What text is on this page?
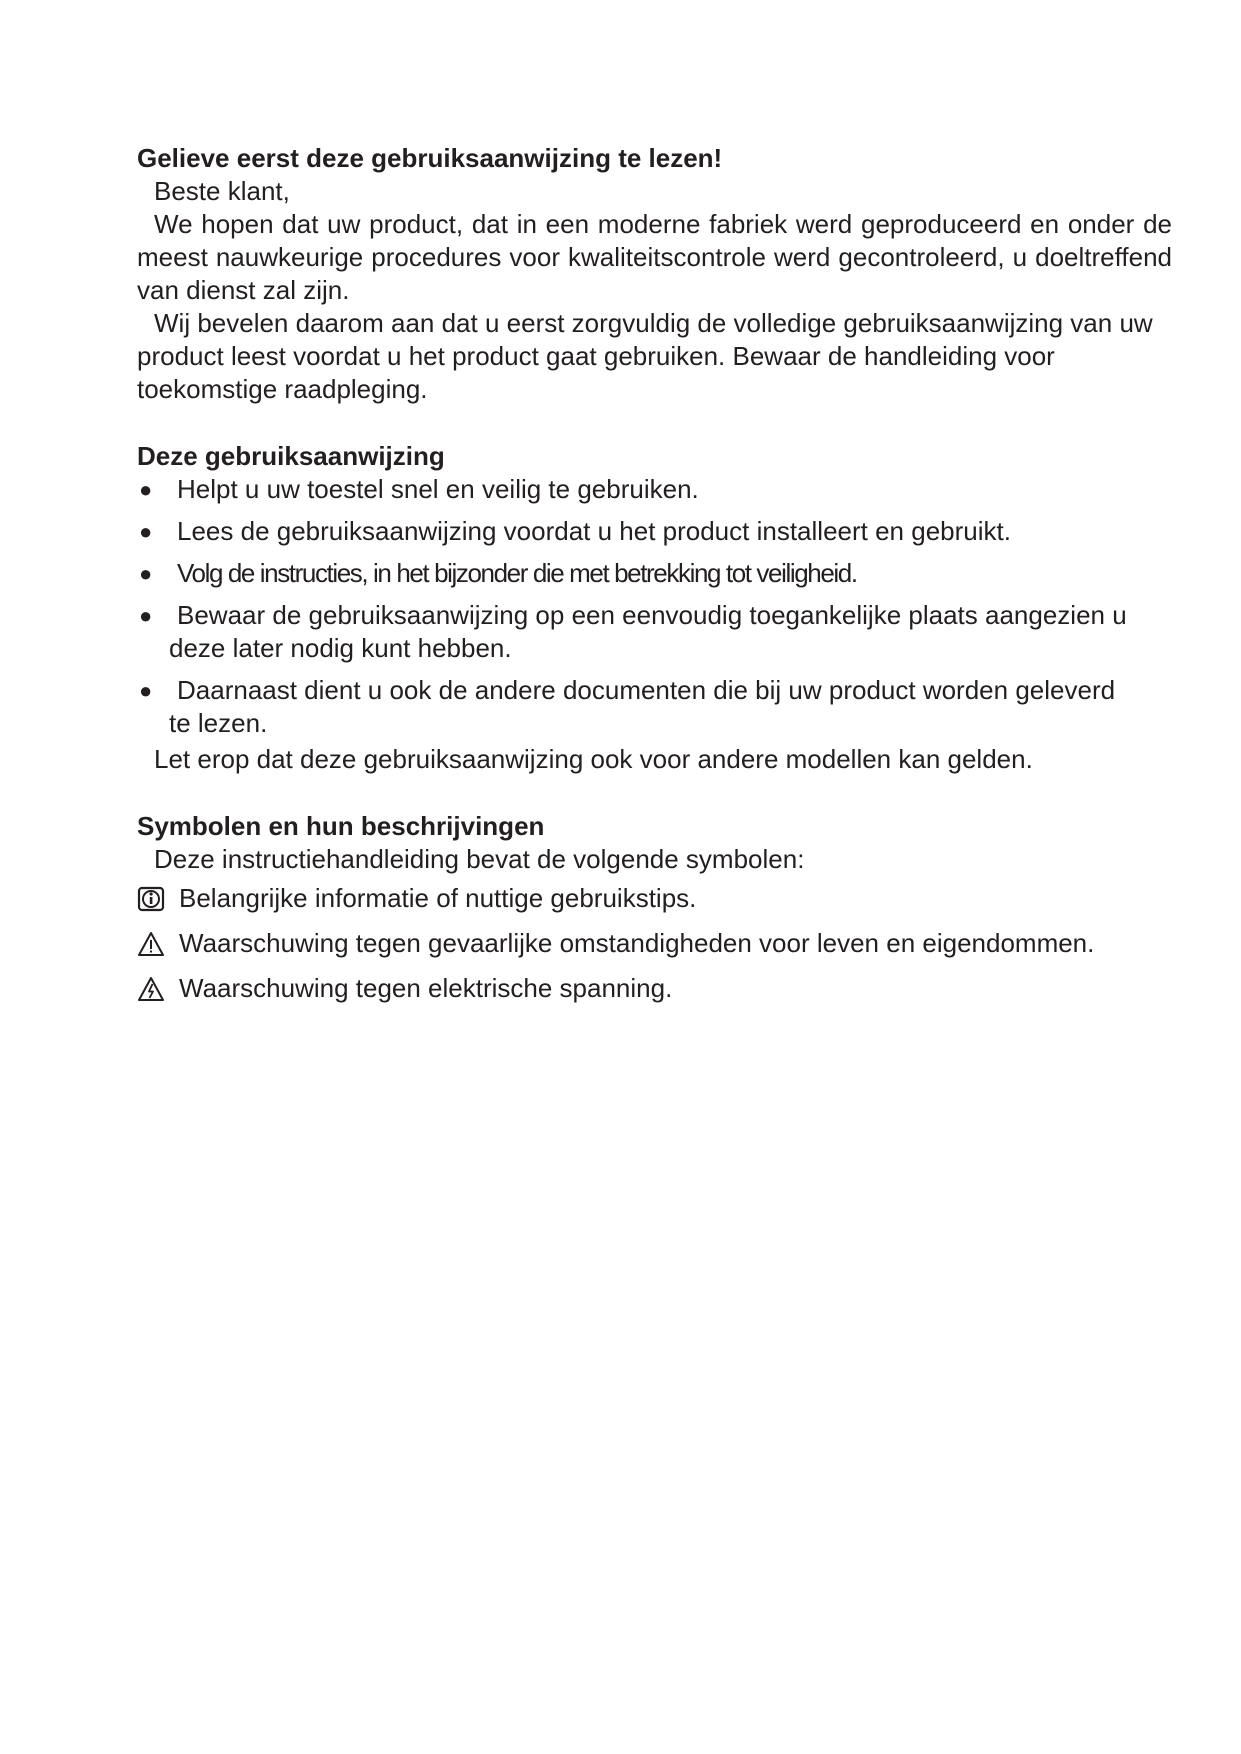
Gelieve eerst deze gebruiksaanwijzing te lezen!

Beste klant,

We hopen dat uw product, dat in een moderne fabriek werd geproduceerd en onder de meest nauwkeurige procedures voor kwaliteitscontrole werd gecontroleerd, u doeltreffend van dienst zal zijn.

Wij bevelen daarom aan dat u eerst zorgvuldig de volledige gebruiksaanwijzing van uw product leest voordat u het product gaat gebruiken. Bewaar de handleiding voor toekomstige raadpleging.

Deze gebruiksaanwijzing
● Helpt u uw toestel snel en veilig te gebruiken.
● Lees de gebruiksaanwijzing voordat u het product installeert en gebruikt.
● Volg de instructies, in het bijzonder die met betrekking tot veiligheid.
● Bewaar de gebruiksaanwijzing op een eenvoudig toegankelijke plaats aangezien u
deze later nodig kunt hebben.
● Daarnaast dient u ook de andere documenten die bij uw product worden geleverd
te lezen.

Let erop dat deze gebruiksaanwijzing ook voor andere modellen kan gelden.

Symbolen en hun beschrijvingen

Deze instructiehandleiding bevat de volgende symbolen:

Belangrijke informatie of nuttige gebruikstips.
Waarschuwing tegen gevaarlijke omstandigheden voor leven en eigendommen.
Waarschuwing tegen elektrische spanning.
